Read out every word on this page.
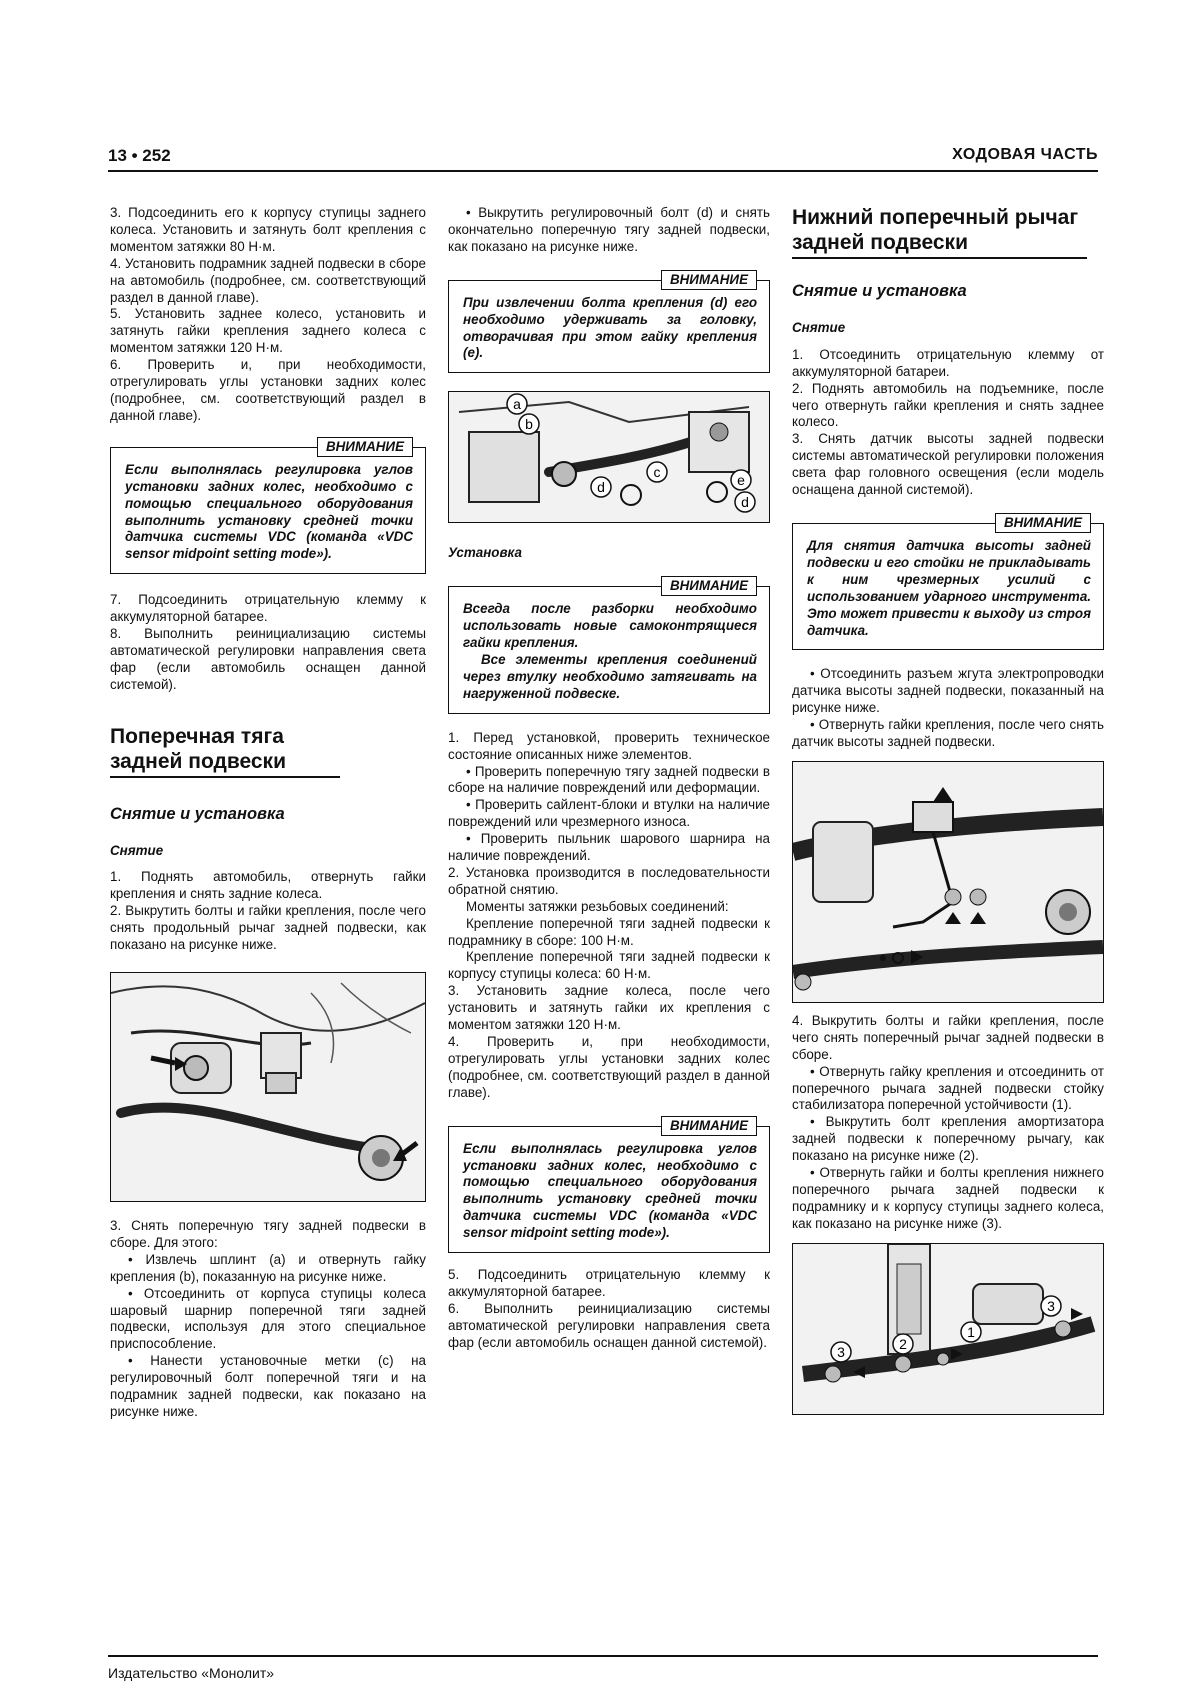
13 • 252	ХОДОВАЯ ЧАСТЬ

3. Подсоединить его к корпусу ступицы заднего колеса. Установить и затянуть болт крепления с моментом затяжки 80 Н·м.

4. Установить подрамник задней подвески в сборе на автомобиль (подробнее, см. соответствующий раздел в данной главе).

5. Установить заднее колесо, установить и затянуть гайки крепления заднего колеса с моментом затяжки 120 Н·м.

6. Проверить и, при необходимости, отрегулировать углы установки задних колес (подробнее, см. соответствующий раздел в данной главе).

ВНИМАНИЕ

Если выполнялась регулировка углов установки задних колес, необходимо с помощью специального оборудования выполнить установку средней точки датчика системы VDC (команда «VDC sensor midpoint setting mode»).

7. Подсоединить отрицательную клемму к аккумуляторной батарее.

8. Выполнить реинициализацию системы автоматической регулировки направления света фар (если автомобиль оснащен данной системой).

Поперечная тяга задней подвески
Снятие и установка
Снятие

1. Поднять автомобиль, отвернуть гайки крепления и снять задние колеса.

2. Выкрутить болты и гайки крепления, после чего снять продольный рычаг задней подвески, как показано на рисунке ниже.

3. Снять поперечную тягу задней подвески в сборе. Для этого:

• Извлечь шплинт (a) и отвернуть гайку крепления (b), показанную на рисунке ниже.

• Отсоединить от корпуса ступицы колеса шаровый шарнир поперечной тяги задней подвески, используя для этого специальное приспособление.

• Нанести установочные метки (c) на регулировочный болт поперечной тяги и на подрамник задней подвески, как показано на рисунке ниже.

• Выкрутить регулировочный болт (d) и снять окончательно поперечную тягу задней подвески, как показано на рисунке ниже.

ВНИМАНИЕ

При извлечении болта крепления (d) его необходимо удерживать за головку, отворачивая при этом гайку крепления (e).

a
b
c
d	e
d
Установка
ВНИМАНИЕ

Всегда после разборки необходимо использовать новые самоконтрящиеся гайки крепления.

Все элементы крепления соединений через втулку необходимо затягивать на нагруженной подвеске.

1. Перед установкой, проверить техническое состояние описанных ниже элементов.

• Проверить поперечную тягу задней подвески в сборе на наличие повреждений или деформации.

• Проверить сайлент-блоки и втулки на наличие повреждений или чрезмерного износа.

• Проверить пыльник шарового шарнира на наличие повреждений.

2. Установка производится в последовательности обратной снятию.

Моменты затяжки резьбовых соединений:

Крепление поперечной тяги задней подвески к подрамнику в сборе: 100 Н·м.

Крепление поперечной тяги задней подвески к корпусу ступицы колеса: 60 Н·м.

3. Установить задние колеса, после чего установить и затянуть гайки их крепления с моментом затяжки 120 Н·м.

4. Проверить и, при необходимости, отрегулировать углы установки задних колес (подробнее, см. соответствующий раздел в данной главе).

ВНИМАНИЕ

Если выполнялась регулировка углов установки задних колес, необходимо с помощью специального оборудования выполнить установку средней точки датчика системы VDC (команда «VDC sensor midpoint setting mode»).

5. Подсоединить отрицательную клемму к аккумуляторной батарее.

6. Выполнить реинициализацию системы автоматической регулировки направления света фар (если автомобиль оснащен данной системой).

Нижний поперечный рычаг задней подвески
Снятие и установка
Снятие

1. Отсоединить отрицательную клемму от аккумуляторной батареи.

2. Поднять автомобиль на подъемнике, после чего отвернуть гайки крепления и снять заднее колесо.

3. Снять датчик высоты задней подвески системы автоматической регулировки положения света фар головного освещения (если модель оснащена данной системой).

ВНИМАНИЕ

Для снятия датчика высоты задней подвески и его стойки не прикладывать к ним чрезмерных усилий с использованием ударного инструмента. Это может привести к выходу из строя датчика.

• Отсоединить разъем жгута электропроводки датчика высоты задней подвески, показанный на рисунке ниже.

• Отвернуть гайки крепления, после чего снять датчик высоты задней подвески.

4. Выкрутить болты и гайки крепления, после чего снять поперечный рычаг задней подвески в сборе.

• Отвернуть гайку крепления и отсоединить от поперечного рычага задней подвески стойку стабилизатора поперечной устойчивости (1).

• Выкрутить болт крепления амортизатора задней подвески к поперечному рычагу, как показано на рисунке ниже (2).

• Отвернуть гайки и болты крепления нижнего поперечного рычага задней подвески к подрамнику и к корпусу ступицы заднего колеса, как показано на рисунке ниже (3).

1
2
3
3
Издательство «Монолит»
